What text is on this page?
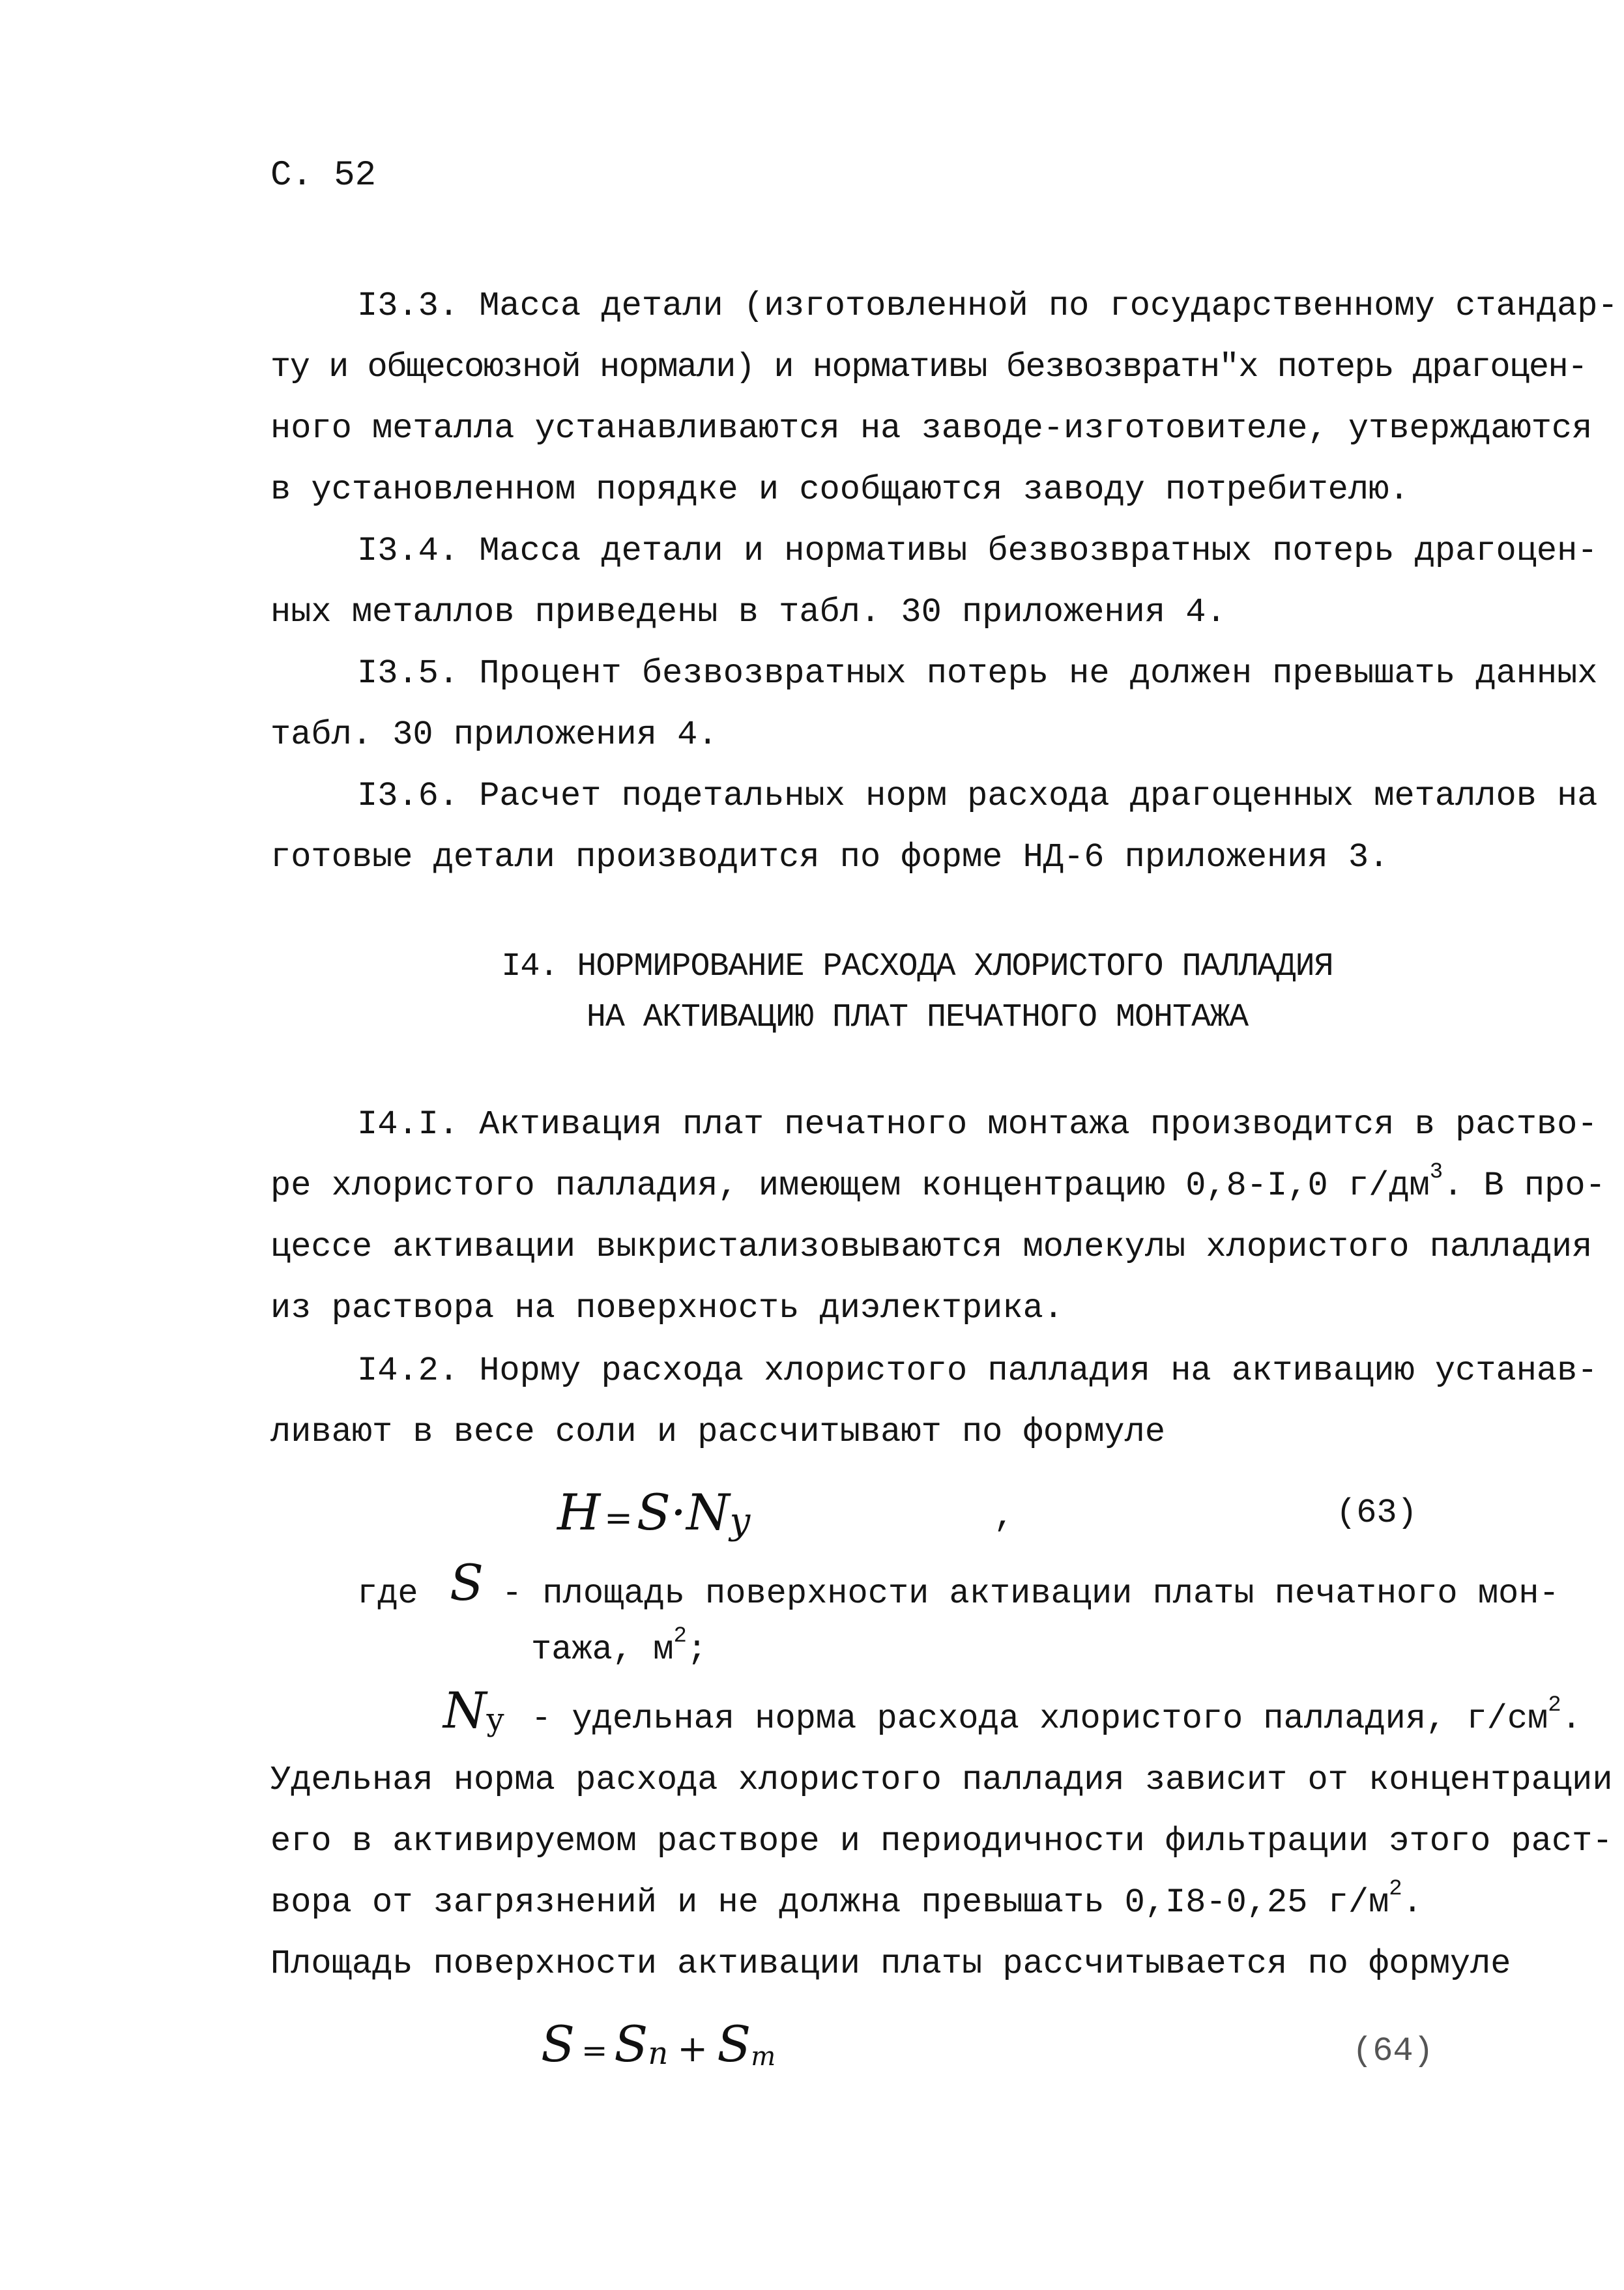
С. 52
I3.3. Масса детали (изготовленной по государственному стандар-
ту и общесоюзной нормали) и нормативы безвозвратн"х потерь драгоцен-
ного металла устанавливаются на заводе-изготовителе, утверждаются
в установленном порядке и сообщаются заводу потребителю.
I3.4. Масса детали и нормативы безвозвратных потерь драгоцен-
ных металлов приведены в табл. 30 приложения 4.
I3.5. Процент безвозвратных потерь не должен превышать данных
табл. 30 приложения 4.
I3.6. Расчет подетальных норм расхода драгоценных металлов на
готовые детали производится по форме НД-6 приложения 3.
I4. НОРМИРОВАНИЕ РАСХОДА ХЛОРИСТОГО ПАЛЛАДИЯ
НА АКТИВАЦИЮ ПЛАТ ПЕЧАТНОГО МОНТАЖА
I4.I. Активация плат печатного монтажа производится в раство-
ре хлористого палладия, имеющем концентрацию 0,8-I,0 $г/дм^3$. В про-
цессе активации выкристализовываются молекулы хлористого палладия
из раствора на поверхность диэлектрика.
I4.2. Норму расхода хлористого палладия на активацию устанав-
ливают в весе соли и рассчитывают по формуле
$Н =S\cdot N_y$	,	(63)
где S - площадь поверхности активации платы печатного мон-
тажа, $м^2$;
$N_y$ - удельная норма расхода хлористого палладия, $г/см^2$.
Удельная норма расхода хлористого палладия зависит от концентрации
его в активируемом растворе и периодичности фильтрации этого раст-
вора от загрязнений и не должна превышать 0,I8-0,25 $г/м^2$.
Площадь поверхности активации платы рассчитывается по формуле
$S = S_п + S_т$	(64)
